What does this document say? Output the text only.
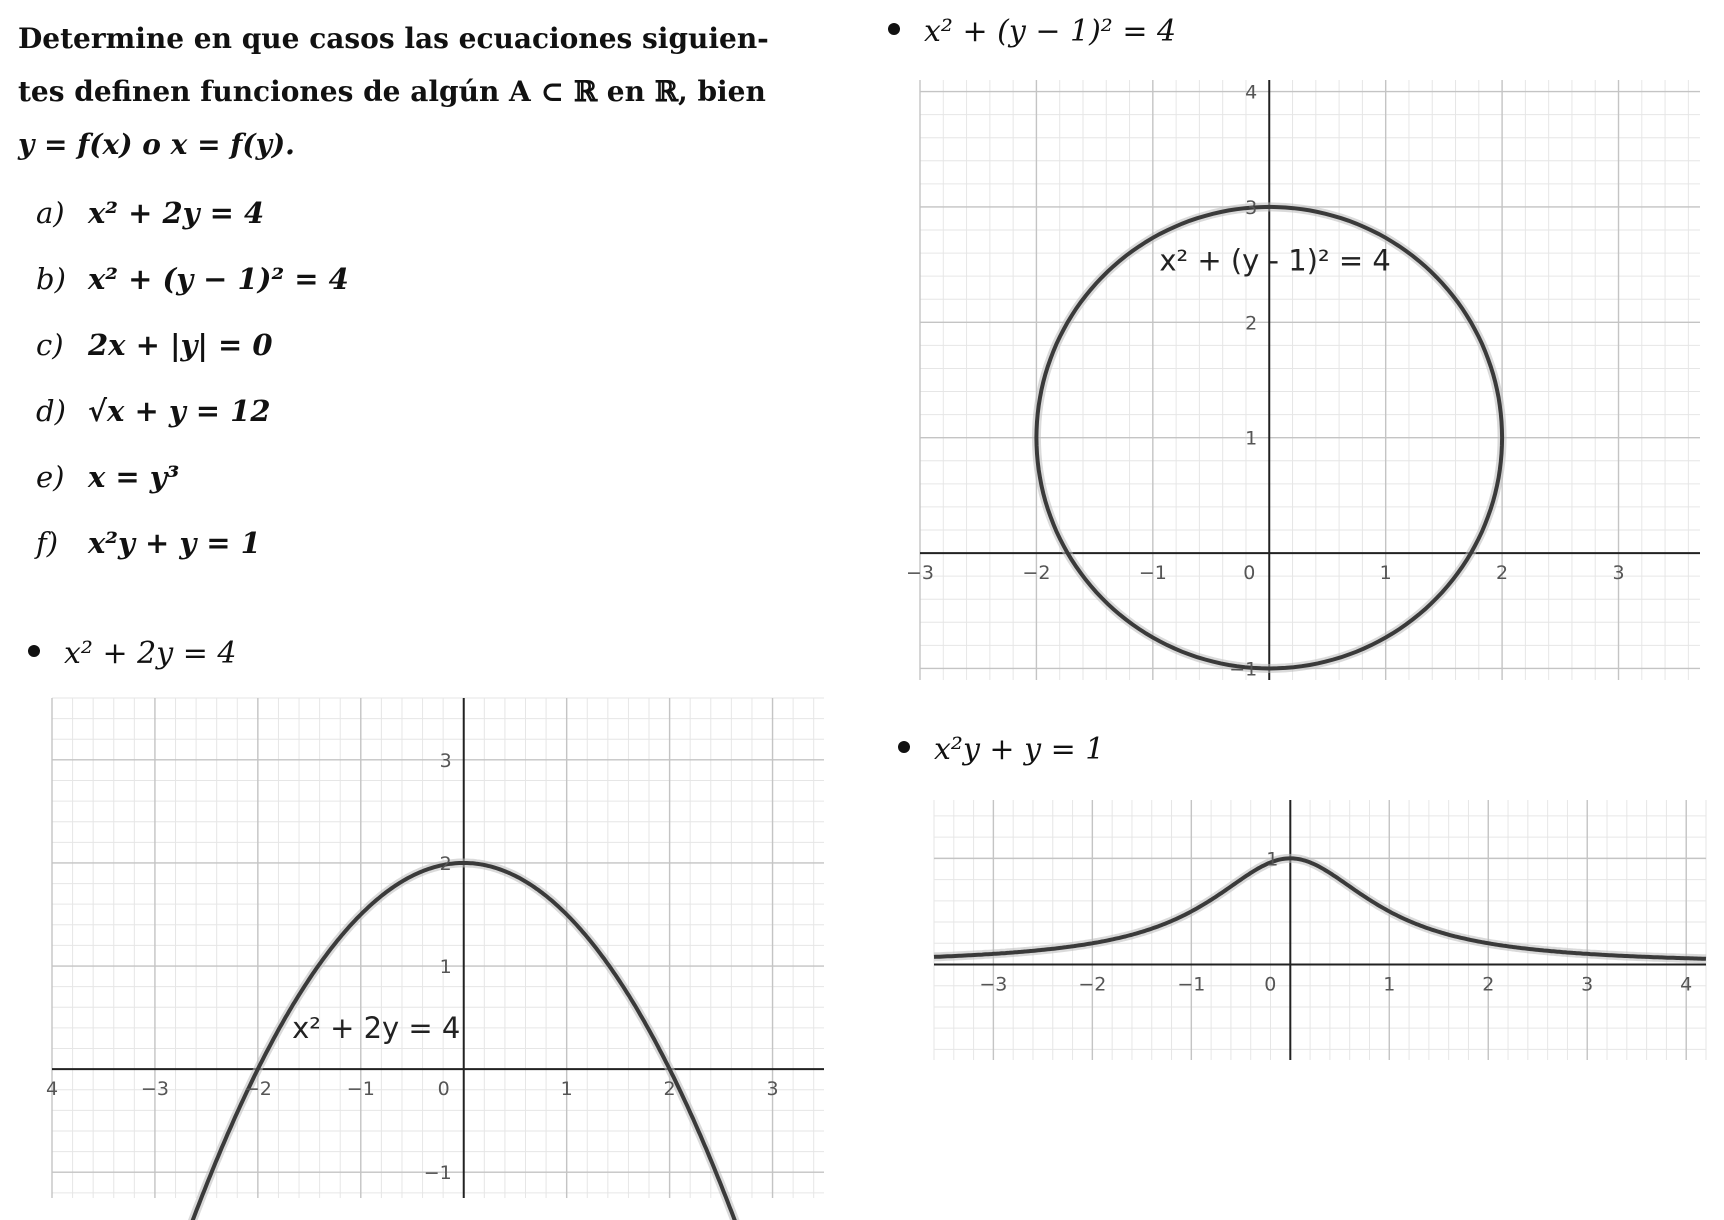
Determine en que casos las ecuaciones siguien-
tes definen funciones de algún A ⊂ ℝ en ℝ, bien
y = f(x) o x = f(y).
a) x² + 2y = 4
b) x² + (y − 1)² = 4
c) 2x + |y| = 0
d) √x + y = 12
e) x = y³
f) x²y + y = 1
x² + (y − 1)² = 4
x² + 2y = 4
x²y + y = 1
−3	−2	−1	0	1	2	3
−1
1
2
3
4
x² + (y - 1)² = 4
4	−3	−2	−1	0	1	2	3
−1
1
2
3
x² + 2y = 4
−3	−2	−1	0	1	2	3	4
1
